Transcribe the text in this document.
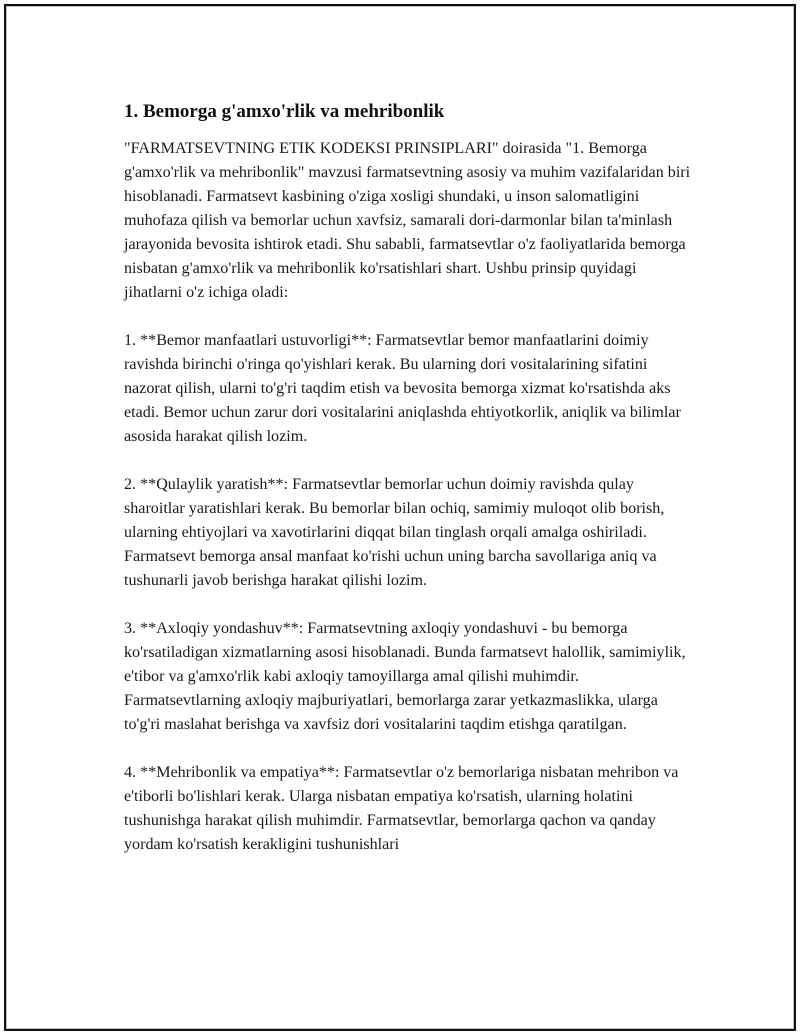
1. Bemorga g'amxo'rlik va mehribonlik

"FARMATSEVTNING ETIK KODEKSI PRINSIPLARI" doirasida "1. Bemorga g'amxo'rlik va mehribonlik" mavzusi farmatsevtning asosiy va muhim vazifalaridan biri hisoblanadi. Farmatsevt kasbining o'ziga xosligi shundaki, u inson salomatligini muhofaza qilish va bemorlar uchun xavfsiz, samarali dori-darmonlar bilan ta'minlash jarayonida bevosita ishtirok etadi. Shu sababli, farmatsevtlar o'z faoliyatlarida bemorga nisbatan g'amxo'rlik va mehribonlik ko'rsatishlari shart. Ushbu prinsip quyidagi jihatlarni o'z ichiga oladi:

1. **Bemor manfaatlari ustuvorligi**: Farmatsevtlar bemor manfaatlarini doimiy ravishda birinchi o'ringa qo'yishlari kerak. Bu ularning dori vositalarining sifatini nazorat qilish, ularni to'g'ri taqdim etish va bevosita bemorga xizmat ko'rsatishda aks etadi. Bemor uchun zarur dori vositalarini aniqlashda ehtiyotkorlik, aniqlik va bilimlar asosida harakat qilish lozim.

2. **Qulaylik yaratish**: Farmatsevtlar bemorlar uchun doimiy ravishda qulay sharoitlar yaratishlari kerak. Bu bemorlar bilan ochiq, samimiy muloqot olib borish, ularning ehtiyojlari va xavotirlarini diqqat bilan tinglash orqali amalga oshiriladi. Farmatsevt bemorga ansal manfaat ko'rishi uchun uning barcha savollariga aniq va tushunarli javob berishga harakat qilishi lozim.

3. **Axloqiy yondashuv**: Farmatsevtning axloqiy yondashuvi - bu bemorga ko'rsatiladigan xizmatlarning asosi hisoblanadi. Bunda farmatsevt halollik, samimiylik, e'tibor va g'amxo'rlik kabi axloqiy tamoyillarga amal qilishi muhimdir. Farmatsevtlarning axloqiy majburiyatlari, bemorlarga zarar yetkazmaslikka, ularga to'g'ri maslahat berishga va xavfsiz dori vositalarini taqdim etishga qaratilgan.

4. **Mehribonlik va empatiya**: Farmatsevtlar o'z bemorlariga nisbatan mehribon va e'tiborli bo'lishlari kerak. Ularga nisbatan empatiya ko'rsatish, ularning holatini tushunishga harakat qilish muhimdir. Farmatsevtlar, bemorlarga qachon va qanday yordam ko'rsatish kerakligini tushunishlari
